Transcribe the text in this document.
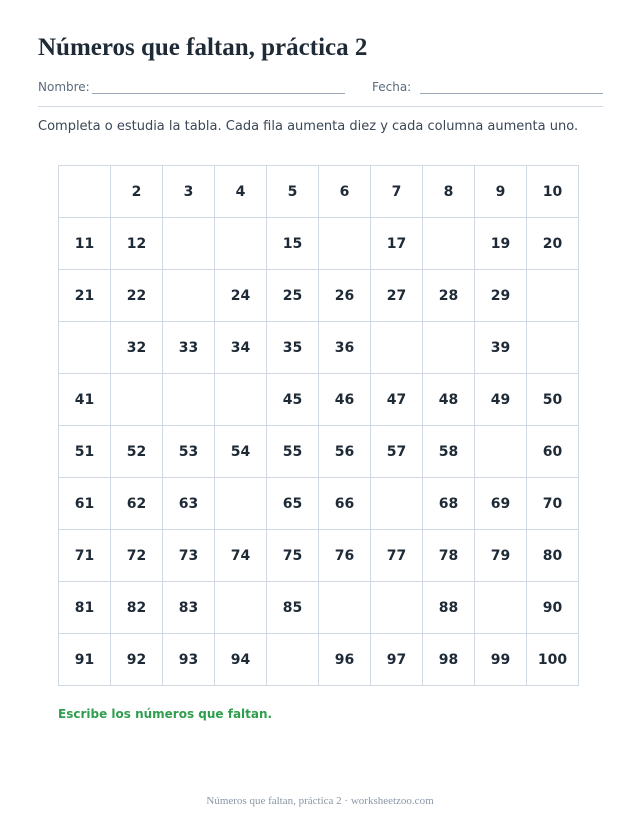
Números que faltan, práctica 2
Nombre:	Fecha:
Completa o estudia la tabla. Cada fila aumenta diez y cada columna aumenta uno.
	2	3	4	5	6	7	8	9	10
11	12			15		17		19	20
21	22		24	25	26	27	28	29	
	32	33	34	35	36			39	
41				45	46	47	48	49	50
51	52	53	54	55	56	57	58		60
61	62	63		65	66		68	69	70
71	72	73	74	75	76	77	78	79	80
81	82	83		85			88		90
91	92	93	94		96	97	98	99	100
Escribe los números que faltan.
Números que faltan, práctica 2 · worksheetzoo.com
